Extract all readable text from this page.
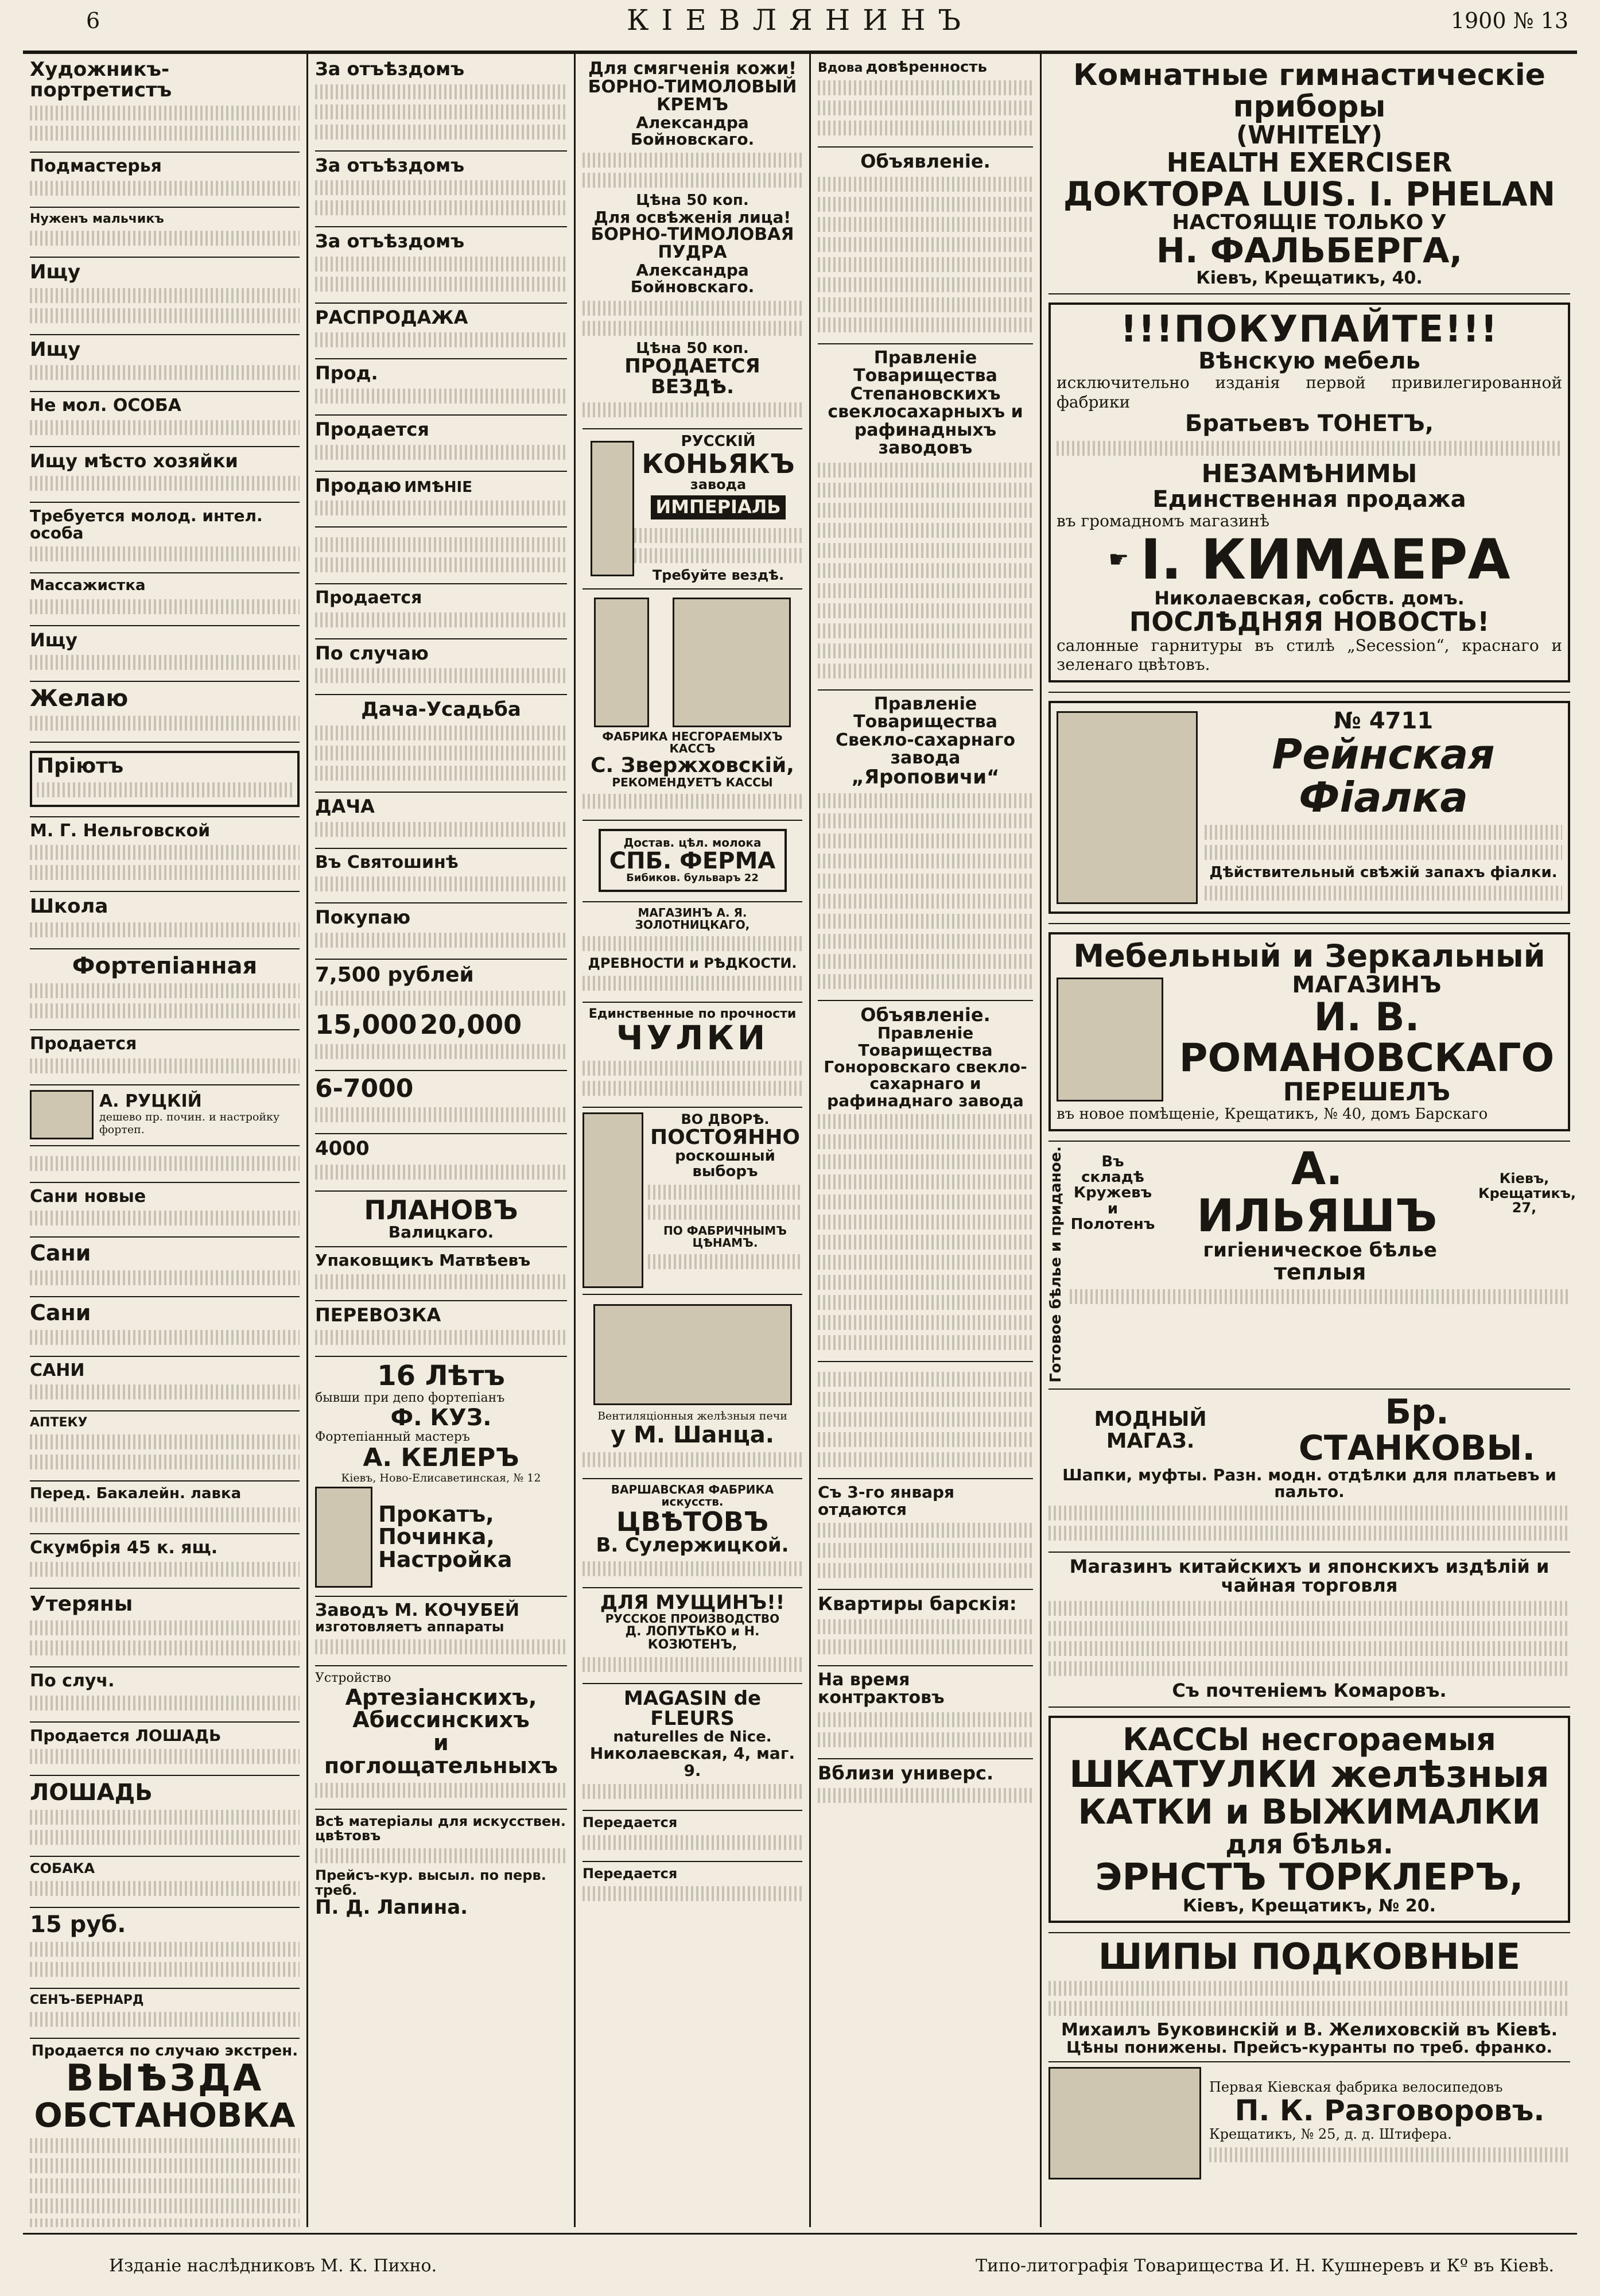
6	КIЕВЛЯНИНЪ	1900 № 13
Художникъ-портретистъ
Подмастерья
Нуженъ мальчикъ
Ищу
Ищу
Не мол. ОСОБА
Ищу мѣсто хозяйки
Требуется молод. интел. особа
Массажистка
Ищу
Желаю
Пріютъ
М. Г. Нельговской
Школа
Фортепіанная
Продается
А. РУЦКІЙ
дешево пр. почин. и настройку фортеп.
Сани новые
Сани
Сани
САНИ
АПТЕКУ
Перед. Бакалейн. лавка
Скумбрія 45 к. ящ.
Утеряны
По случ.
Продается ЛОШАДЬ
ЛОШАДЬ
СОБАКА
15 руб.
СЕНЪ-БЕРНАРД
Продается по случаю экстрен.
ВЫѢЗДА
ОБСТАНОВКА
За отъѣздомъ
За отъѣздомъ
За отъѣздомъ
РАСПРОДАЖА
Прод.
Продается
Продаю ИМѢНІЕ
Продается
По случаю
Дача-Усадьба
ДАЧА
Въ Святошинѣ
Покупаю
7,500 рублей
15,000 20,000
6-7000
4000
ПЛАНОВЪ
Валицкаго.
Упаковщикъ Матвѣевъ
ПЕРЕВОЗКА
16 Лѣтъ
бывши при депо фортепіанъ
Ф. КУЗ.
Фортепіанный мастеръ
А. КЕЛЕРЪ
Кіевъ, Ново-Елисаветинская, № 12
Прокатъ, Починка, Настройка
Заводъ М. КОЧУБЕЙ
изготовляетъ аппараты
Устройство
Артезіанскихъ, Абиссинскихъ
и поглощательныхъ
Всѣ матеріалы для искусствен. цвѣтовъ
Прейсъ-кур. высыл. по перв. треб.
П. Д. Лапина.
Для смягченія кожи!
БОРНО-ТИМОЛОВЫЙ КРЕМЪ
Александра Бойновскаго.
Цѣна 50 коп.
Для освѣженія лица!
БОРНО-ТИМОЛОВАЯ ПУДРА
Александра Бойновскаго.
Цѣна 50 коп.
ПРОДАЕТСЯ ВЕЗДѢ.
РУССКІЙ
КОНЬЯКЪ
завода
ИМПЕРІАЛЬ
Требуйте вездѣ.
ФАБРИКА НЕСГОРАЕМЫХЪ КАССЪ
С. Звержховскій,
РЕКОМЕНДУЕТЪ КАССЫ
Достав. цѣл. молока
СПБ. ФЕРМА
Бибиков. бульваръ 22
МАГАЗИНЪ А. Я. ЗОЛОТНИЦКАГО,
ДРЕВНОСТИ и РѢДКОСТИ.
Единственные по прочности
ЧУЛКИ
ВО ДВОРѢ.
ПОСТОЯННО
роскошный выборъ
ПО ФАБРИЧНЫМЪ ЦѢНАМЪ.
Вентиляціонныя желѣзныя печи
у М. Шанца.
ВАРШАВСКАЯ ФАБРИКА искусств.
ЦВѢТОВЪ
В. Сулержицкой.
ДЛЯ МУЩИНЪ!!
РУССКОЕ ПРОИЗВОДСТВО
Д. ЛОПУТЬКО и Н. КОЗЮТЕНЪ,
MAGASIN de FLEURS
naturelles de Nice.
Николаевская, 4, маг. 9.
Передается
Передается
Вдова довѣренность
Объявленіе.
Правленіе Товарищества Степановскихъ свеклосахарныхъ и рафинадныхъ заводовъ
Правленіе Товарищества Свекло-сахарнаго завода
„Яроповичи“
Объявленіе.
Правленіе Товарищества Гоноровскаго свекло-сахарнаго и рафинаднаго завода
Съ 3-го января отдаются
Квартиры барскія:
На время контрактовъ
Вблизи универс.
Комнатные гимнастическіе приборы
(WHITELY)
HEALTH EXERCISER
ДОКТОРА LUIS. I. PHELAN
НАСТОЯЩІЕ ТОЛЬКО У
Н. ФАЛЬБЕРГА,
Кіевъ, Крещатикъ, 40.
!!!ПОКУПАЙТЕ!!!
Вѣнскую мебель
исключительно изданія первой привилегированной фабрики
Братьевъ ТОНЕТЪ,
НЕЗАМѢНИМЫ
Единственная продажа
въ громадномъ магазинѣ
☛ I. КИМАЕРА
Николаевская, собств. домъ.
ПОСЛѢДНЯЯ НОВОСТЬ!
салонные гарнитуры въ стилѣ „Secession“, краснаго и зеленаго цвѣтовъ.
№ 4711
Рейнская Фіалка
Дѣйствительный свѣжій запахъ фіалки.
Мебельный и Зеркальный
МАГАЗИНЪ
И. В. РОМАНОВСКАГО
ПЕРЕШЕЛЪ
въ новое помѣщеніе, Крещатикъ, № 40, домъ Барскаго
Готовое бѣлье и приданое.	Въ складѣ Кружевъ и Полотенъ
А. ИЛЬЯШЪ
Кіевъ, Крещатикъ, 27,
гигіеническое бѣлье
теплыя
МОДНЫЙ МАГАЗ.
Бр. СТАНКОВЫ.
Шапки, муфты. Разн. модн. отдѣлки для платьевъ и пальто.
Магазинъ китайскихъ и японскихъ издѣлій и чайная торговля
Съ почтеніемъ Комаровъ.
КАССЫ несгораемыя
ШКАТУЛКИ желѣзныя
КАТКИ и ВЫЖИМАЛКИ
для бѣлья.
ЭРНСТЪ ТОРКЛЕРЪ,
Кіевъ, Крещатикъ, № 20.
ШИПЫ ПОДКОВНЫЕ
Михаилъ Буковинскій и В. Желиховскій въ Кіевѣ.
Цѣны понижены. Прейсъ-куранты по треб. франко.
Первая Кіевская фабрика велосипедовъ
П. К. Разговоровъ.
Крещатикъ, № 25, д. д. Штифера.
Изданіе наслѣдниковъ М. К. Пихно.	Типо-литографія Товарищества И. Н. Кушнеревъ и Кº въ Кіевѣ.
